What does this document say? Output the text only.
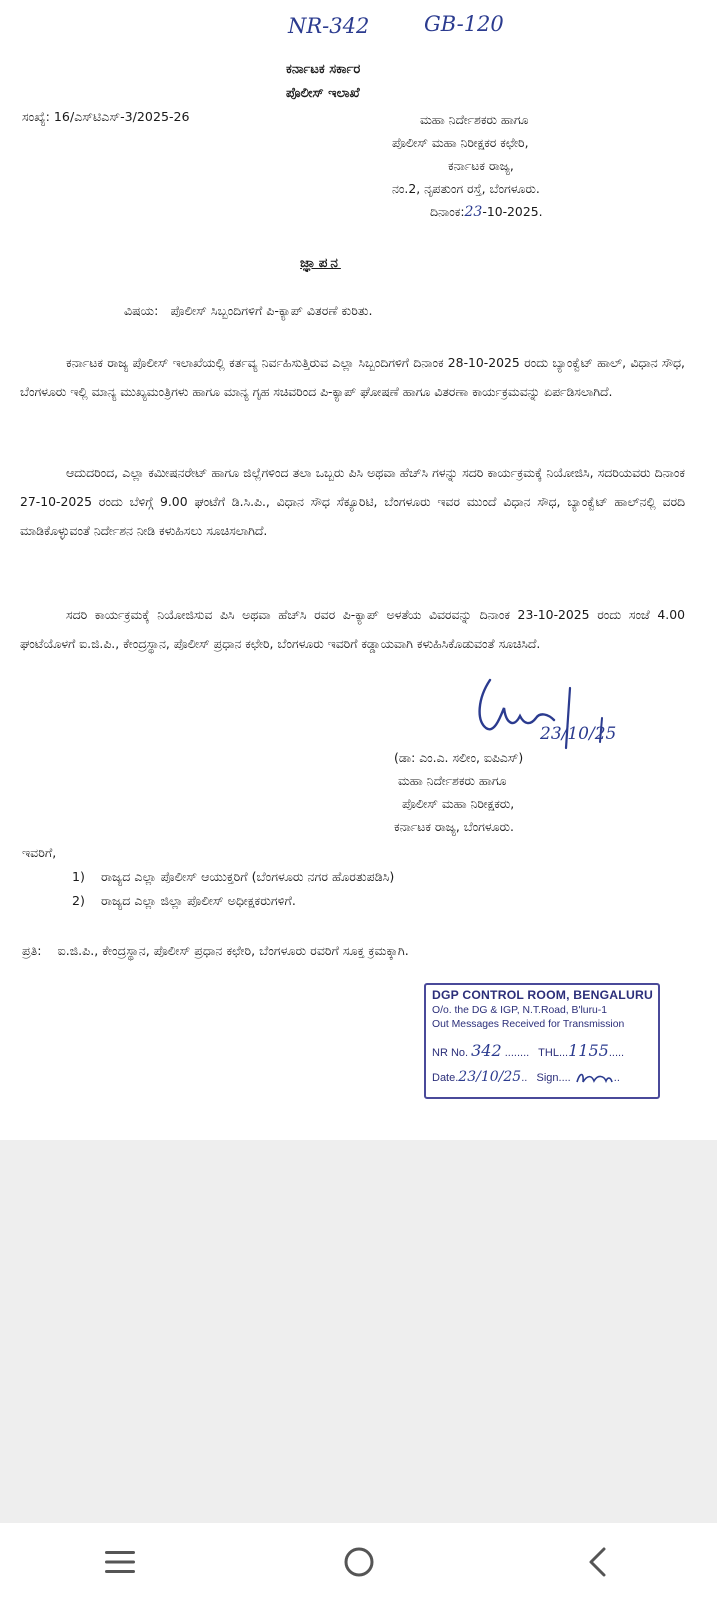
NR-342	GB-120
ಕರ್ನಾಟಕ ಸರ್ಕಾರ
ಪೊಲೀಸ್ ಇಲಾಖೆ
ಸಂಖ್ಯೆ: 16/ಎಸ್‌ಟಿಎಸ್-3/2025-26	ಮಹಾ ನಿರ್ದೇಶಕರು ಹಾಗೂ
ಪೊಲೀಸ್ ಮಹಾ ನಿರೀಕ್ಷಕರ ಕಛೇರಿ,
ಕರ್ನಾಟಕ ರಾಜ್ಯ,
ನಂ.2, ನೃಪತುಂಗ ರಸ್ತೆ, ಬೆಂಗಳೂರು.
ದಿನಾಂಕ:23-10-2025.
ಜ್ಞಾಪನ
ವಿಷಯ: ಪೊಲೀಸ್ ಸಿಬ್ಬಂದಿಗಳಿಗೆ ಪಿ-ಕ್ಯಾಪ್ ವಿತರಣೆ ಕುರಿತು.
ಕರ್ನಾಟಕ ರಾಜ್ಯ ಪೊಲೀಸ್ ಇಲಾಖೆಯಲ್ಲಿ ಕರ್ತವ್ಯ ನಿರ್ವಹಿಸುತ್ತಿರುವ ಎಲ್ಲಾ ಸಿಬ್ಬಂದಿಗಳಿಗೆ ದಿನಾಂಕ 28-10-2025 ರಂದು ಬ್ಯಾಂಕ್ವೆಟ್ ಹಾಲ್, ವಿಧಾನ ಸೌಧ, ಬೆಂಗಳೂರು ಇಲ್ಲಿ ಮಾನ್ಯ ಮುಖ್ಯಮಂತ್ರಿಗಳು ಹಾಗೂ ಮಾನ್ಯ ಗೃಹ ಸಚಿವರಿಂದ ಪಿ-ಕ್ಯಾಪ್ ಘೋಷಣೆ ಹಾಗೂ ವಿತರಣಾ ಕಾರ್ಯಕ್ರಮವನ್ನು ಏರ್ಪಡಿಸಲಾಗಿದೆ.
ಆದುದರಿಂದ, ಎಲ್ಲಾ ಕಮೀಷನರೇಟ್ ಹಾಗೂ ಜಿಲ್ಲೆಗಳಿಂದ ತಲಾ ಒಬ್ಬರು ಪಿಸಿ ಅಥವಾ ಹೆಚ್‌ಸಿ ಗಳನ್ನು ಸದರಿ ಕಾರ್ಯಕ್ರಮಕ್ಕೆ ನಿಯೋಜಿಸಿ, ಸದರಿಯವರು ದಿನಾಂಕ 27-10-2025 ರಂದು ಬೆಳಿಗ್ಗೆ 9.00 ಘಂಟೆಗೆ ಡಿ.ಸಿ.ಪಿ., ವಿಧಾನ ಸೌಧ ಸೆಕ್ಯೂರಿಟಿ, ಬೆಂಗಳೂರು ಇವರ ಮುಂದೆ ವಿಧಾನ ಸೌಧ, ಬ್ಯಾಂಕ್ವೆಟ್ ಹಾಲ್‌ನಲ್ಲಿ ವರದಿ ಮಾಡಿಕೊಳ್ಳುವಂತೆ ನಿರ್ದೇಶನ ನೀಡಿ ಕಳುಹಿಸಲು ಸೂಚಿಸಲಾಗಿದೆ.
ಸದರಿ ಕಾರ್ಯಕ್ರಮಕ್ಕೆ ನಿಯೋಜಿಸುವ ಪಿಸಿ ಅಥವಾ ಹೆಚ್‌ಸಿ ರವರ ಪಿ-ಕ್ಯಾಪ್ ಅಳತೆಯ ವಿವರವನ್ನು ದಿನಾಂಕ 23-10-2025 ರಂದು ಸಂಜೆ 4.00 ಘಂಟೆಯೊಳಗೆ ಐ.ಜಿ.ಪಿ., ಕೇಂದ್ರಸ್ಥಾನ, ಪೊಲೀಸ್ ಪ್ರಧಾನ ಕಛೇರಿ, ಬೆಂಗಳೂರು ಇವರಿಗೆ ಕಡ್ಡಾಯವಾಗಿ ಕಳುಹಿಸಿಕೊಡುವಂತೆ ಸೂಚಿಸಿದೆ.
23/10/25
(ಡಾ: ಎಂ.ಎ. ಸಲೀಂ, ಐಪಿಎಸ್)
ಮಹಾ ನಿರ್ದೇಶಕರು ಹಾಗೂ
ಪೊಲೀಸ್ ಮಹಾ ನಿರೀಕ್ಷಕರು,
ಕರ್ನಾಟಕ ರಾಜ್ಯ, ಬೆಂಗಳೂರು.
ಇವರಿಗೆ,
1) ರಾಜ್ಯದ ಎಲ್ಲಾ ಪೊಲೀಸ್ ಆಯುಕ್ತರಿಗೆ (ಬೆಂಗಳೂರು ನಗರ ಹೊರತುಪಡಿಸಿ)
2) ರಾಜ್ಯದ ಎಲ್ಲಾ ಜಿಲ್ಲಾ ಪೊಲೀಸ್ ಅಧೀಕ್ಷಕರುಗಳಿಗೆ.
ಪ್ರತಿ: ಐ.ಜಿ.ಪಿ., ಕೇಂದ್ರಸ್ಥಾನ, ಪೊಲೀಸ್ ಪ್ರಧಾನ ಕಛೇರಿ, ಬೆಂಗಳೂರು ರವರಿಗೆ ಸೂಕ್ತ ಕ್ರಮಕ್ಕಾಗಿ.
DGP CONTROL ROOM, BENGALURU
O/o. the DG & IGP, N.T.Road, B'luru-1
Out Messages Received for Transmission
NR No. 342 ........   THL...1155.....
Date.23/10/25..   Sign....	..
